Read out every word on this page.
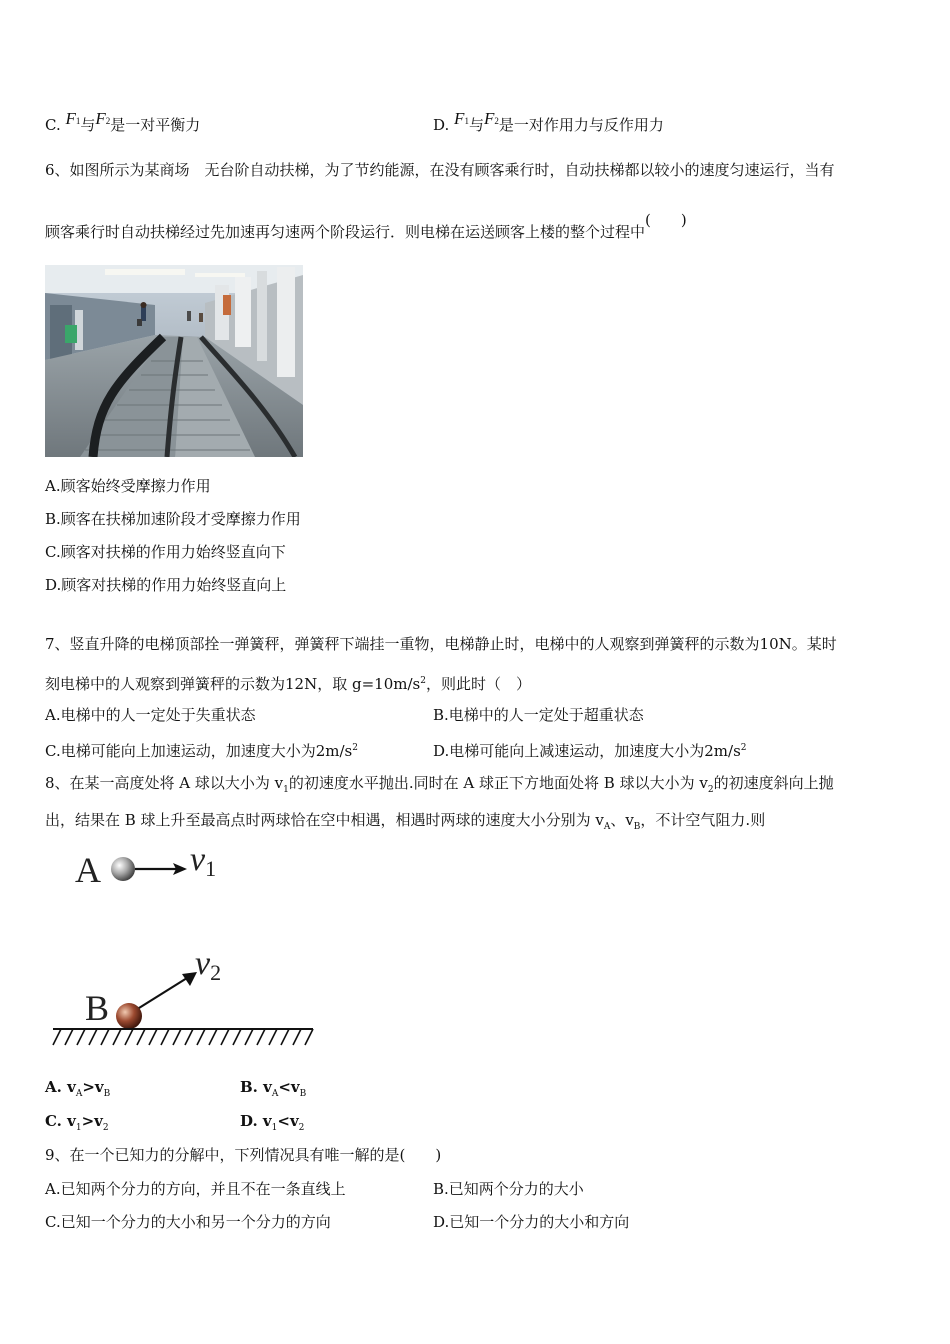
C. F1与F2是一对平衡力	D. F1与F2是一对作用力与反作用力
6、如图所示为某商场　无台阶自动扶梯，为了节约能源，在没有顾客乘行时，自动扶梯都以较小的速度匀速运行，当有
顾客乘行时自动扶梯经过先加速再匀速两个阶段运行．则电梯在运送顾客上楼的整个过程中(　　)
A.顾客始终受摩擦力作用
B.顾客在扶梯加速阶段才受摩擦力作用
C.顾客对扶梯的作用力始终竖直向下
D.顾客对扶梯的作用力始终竖直向上
7、竖直升降的电梯顶部拴一弹簧秤，弹簧秤下端挂一重物，电梯静止时，电梯中的人观察到弹簧秤的示数为10N。某时
刻电梯中的人观察到弹簧秤的示数为12N，取 $g=10m/s^2$，则此时（　）
A.电梯中的人一定处于失重状态	B.电梯中的人一定处于超重状态
C.电梯可能向上加速运动，加速度大小为$2m/s^2$	D.电梯可能向上减速运动，加速度大小为$2m/s^2$
8、在某一高度处将 A 球以大小为 $v_1$的初速度水平抛出.同时在 A 球正下方地面处将 B 球以大小为 $v_2$的初速度斜向上抛
出，结果在 B 球上升至最高点时两球恰在空中相遇，相遇时两球的速度大小分别为 $v_A$、$v_B$，不计空气阻力.则
A	v1
B
v2
A. $v_A>v_B$	B. $v_A<v_B$
C. $v_1>v_2$	D. $v_1<v_2$
9、在一个已知力的分解中，下列情况具有唯一解的是(　　)
A.已知两个分力的方向，并且不在一条直线上	B.已知两个分力的大小
C.已知一个分力的大小和另一个分力的方向	D.已知一个分力的大小和方向
